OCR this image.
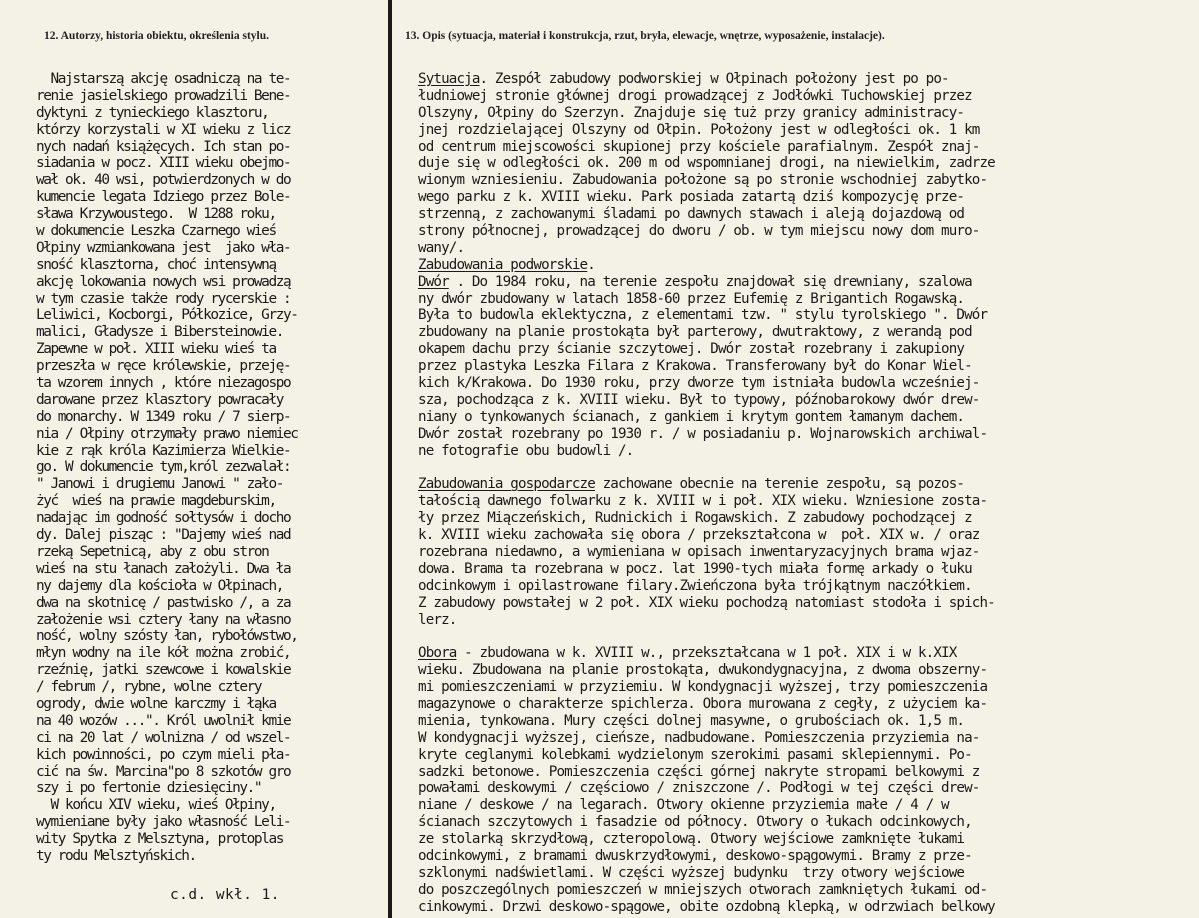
12. Autorzy, historia obiektu, określenia stylu.	13. Opis (sytuacja, materiał i konstrukcja, rzut, bryła, elewacje, wnętrze, wyposażenie, instalacje).
Najstarszą akcję osadniczą na te-
renie jasielskiego prowadzili Bene-
dyktyni z tynieckiego klasztoru,
którzy korzystali w XI wieku z licz
nych nadań książęcych. Ich stan po-
siadania w pocz. XIII wieku obejmo-
wał ok. 40 wsi, potwierdzonych w do
kumencie legata Idziego przez Bole-
sława Krzywoustego.  W 1288 roku,
w dokumencie Leszka Czarnego wieś
Ołpiny wzmiankowana jest  jako wła-
sność klasztorna, choć intensywną
akcję lokowania nowych wsi prowadzą
w tym czasie także rody rycerskie :
Leliwici, Kocborgi, Półkozice, Grzy-
malici, Gładysze i Bibersteinowie.
Zapewne w poł. XIII wieku wieś ta
przeszła w ręce królewskie, przeję-
ta wzorem innych , które niezagospo
darowane przez klasztory powracały
do monarchy. W 1349 roku / 7 sierp-
nia / Ołpiny otrzymały prawo niemiec
kie z rąk króla Kazimierza Wielkie-
go. W dokumencie tym,król zezwalał:
" Janowi i drugiemu Janowi " zało-
żyć  wieś na prawie magdeburskim,
nadając im godność sołtysów i docho
dy. Dalej pisząc : "Dajemy wieś nad
rzeką Sepetnicą, aby z obu stron
wieś na stu łanach założyli. Dwa ła
ny dajemy dla kościoła w Ołpinach,
dwa na skotnicę / pastwisko /, a za
założenie wsi cztery łany na własno
ność, wolny szósty łan, rybołówstwo,
młyn wodny na ile kół można zrobić,
rzeźnię, jatki szewcowe i kowalskie
/ februm /, rybne, wolne cztery
ogrody, dwie wolne karczmy i łąka
na 40 wozów ...". Król uwolnił kmie
ci na 20 lat / wolnizna / od wszel-
kich powinności, po czym mieli pła-
cić na św. Marcina"po 8 szkotów gro
szy i po fertonie dziesięciny."
W końcu XIV wieku, wieś Ołpiny,
wymieniane były jako własność Leli-
wity Spytka z Melsztyna, protoplas
ty rodu Melsztyńskich.
Sytuacja. Zespół zabudowy podworskiej w Ołpinach położony jest po po-
łudniowej stronie głównej drogi prowadzącej z Jodłówki Tuchowskiej przez
Olszyny, Ołpiny do Szerzyn. Znajduje się tuż przy granicy administracy-
jnej rozdzielającej Olszyny od Ołpin. Położony jest w odległości ok. 1 km
od centrum miejscowości skupionej przy kościele parafialnym. Zespół znaj-
duje się w odległości ok. 200 m od wspomnianej drogi, na niewielkim, zadrze
wionym wzniesieniu. Zabudowania położone są po stronie wschodniej zabytko-
wego parku z k. XVIII wieku. Park posiada zatartą dziś kompozycję prze-
strzenną, z zachowanymi śladami po dawnych stawach i aleją dojazdową od
strony północnej, prowadzącej do dworu / ob. w tym miejscu nowy dom muro-
wany/.
Zabudowania podworskie.
Dwór . Do 1984 roku, na terenie zespołu znajdował się drewniany, szalowa
ny dwór zbudowany w latach 1858-60 przez Eufemię z Brigantich Rogawską.
Była to budowla eklektyczna, z elementami tzw. " stylu tyrolskiego ". Dwór
zbudowany na planie prostokąta był parterowy, dwutraktowy, z werandą pod
okapem dachu przy ścianie szczytowej. Dwór został rozebrany i zakupiony
przez plastyka Leszka Filara z Krakowa. Transferowany był do Konar Wiel-
kich k/Krakowa. Do 1930 roku, przy dworze tym istniała budowla wcześniej-
sza, pochodząca z k. XVIII wieku. Był to typowy, późnobarokowy dwór drew-
niany o tynkowanych ścianach, z gankiem i krytym gontem łamanym dachem.
Dwór został rozebrany po 1930 r. / w posiadaniu p. Wojnarowskich archiwal-
ne fotografie obu budowli /.
Zabudowania gospodarcze zachowane obecnie na terenie zespołu, są pozos-
tałością dawnego folwarku z k. XVIII w i poł. XIX wieku. Wzniesione zosta-
ły przez Miączeńskich, Rudnickich i Rogawskich. Z zabudowy pochodzącej z
k. XVIII wieku zachowała się obora / przekształcona w  poł. XIX w. / oraz
rozebrana niedawno, a wymieniana w opisach inwentaryzacyjnych brama wjaz-
dowa. Brama ta rozebrana w pocz. lat 1990-tych miała formę arkady o łuku
odcinkowym i opilastrowane filary.Zwieńczona była trójkątnym naczółkiem.
Z zabudowy powstałej w 2 poł. XIX wieku pochodzą natomiast stodoła i spich-
lerz.
Obora - zbudowana w k. XVIII w., przekształcana w 1 poł. XIX i w k.XIX
wieku. Zbudowana na planie prostokąta, dwukondygnacyjna, z dwoma obszerny-
mi pomieszczeniami w przyziemiu. W kondygnacji wyższej, trzy pomieszczenia
magazynowe o charakterze spichlerza. Obora murowana z cegły, z użyciem ka-
mienia, tynkowana. Mury części dolnej masywne, o grubościach ok. 1,5 m.
W kondygnacji wyższej, cieńsze, nadbudowane. Pomieszczenia przyziemia na-
kryte ceglanymi kolebkami wydzielonym szerokimi pasami sklepiennymi. Po-
sadzki betonowe. Pomieszczenia części górnej nakryte stropami belkowymi z
powałami deskowymi / częściowo / zniszczone /. Podłogi w tej części drew-
niane / deskowe / na legarach. Otwory okienne przyziemia małe / 4 / w
ścianach szczytowych i fasadzie od północy. Otwory o łukach odcinkowych,
ze stolarką skrzydłową, czteropolową. Otwory wejściowe zamknięte łukami
odcinkowymi, z bramami dwuskrzydłowymi, deskowo-spągowymi. Bramy z prze-
szklonymi nadświetlami. W części wyższej budynku  trzy otwory wejściowe
do poszczególnych pomieszczeń w mniejszych otworach zamkniętych łukami od-
cinkowymi. Drzwi deskowo-spągowe, obite ozdobną klepką, w odrzwiach belkowy
c.d. wkł. 1.
